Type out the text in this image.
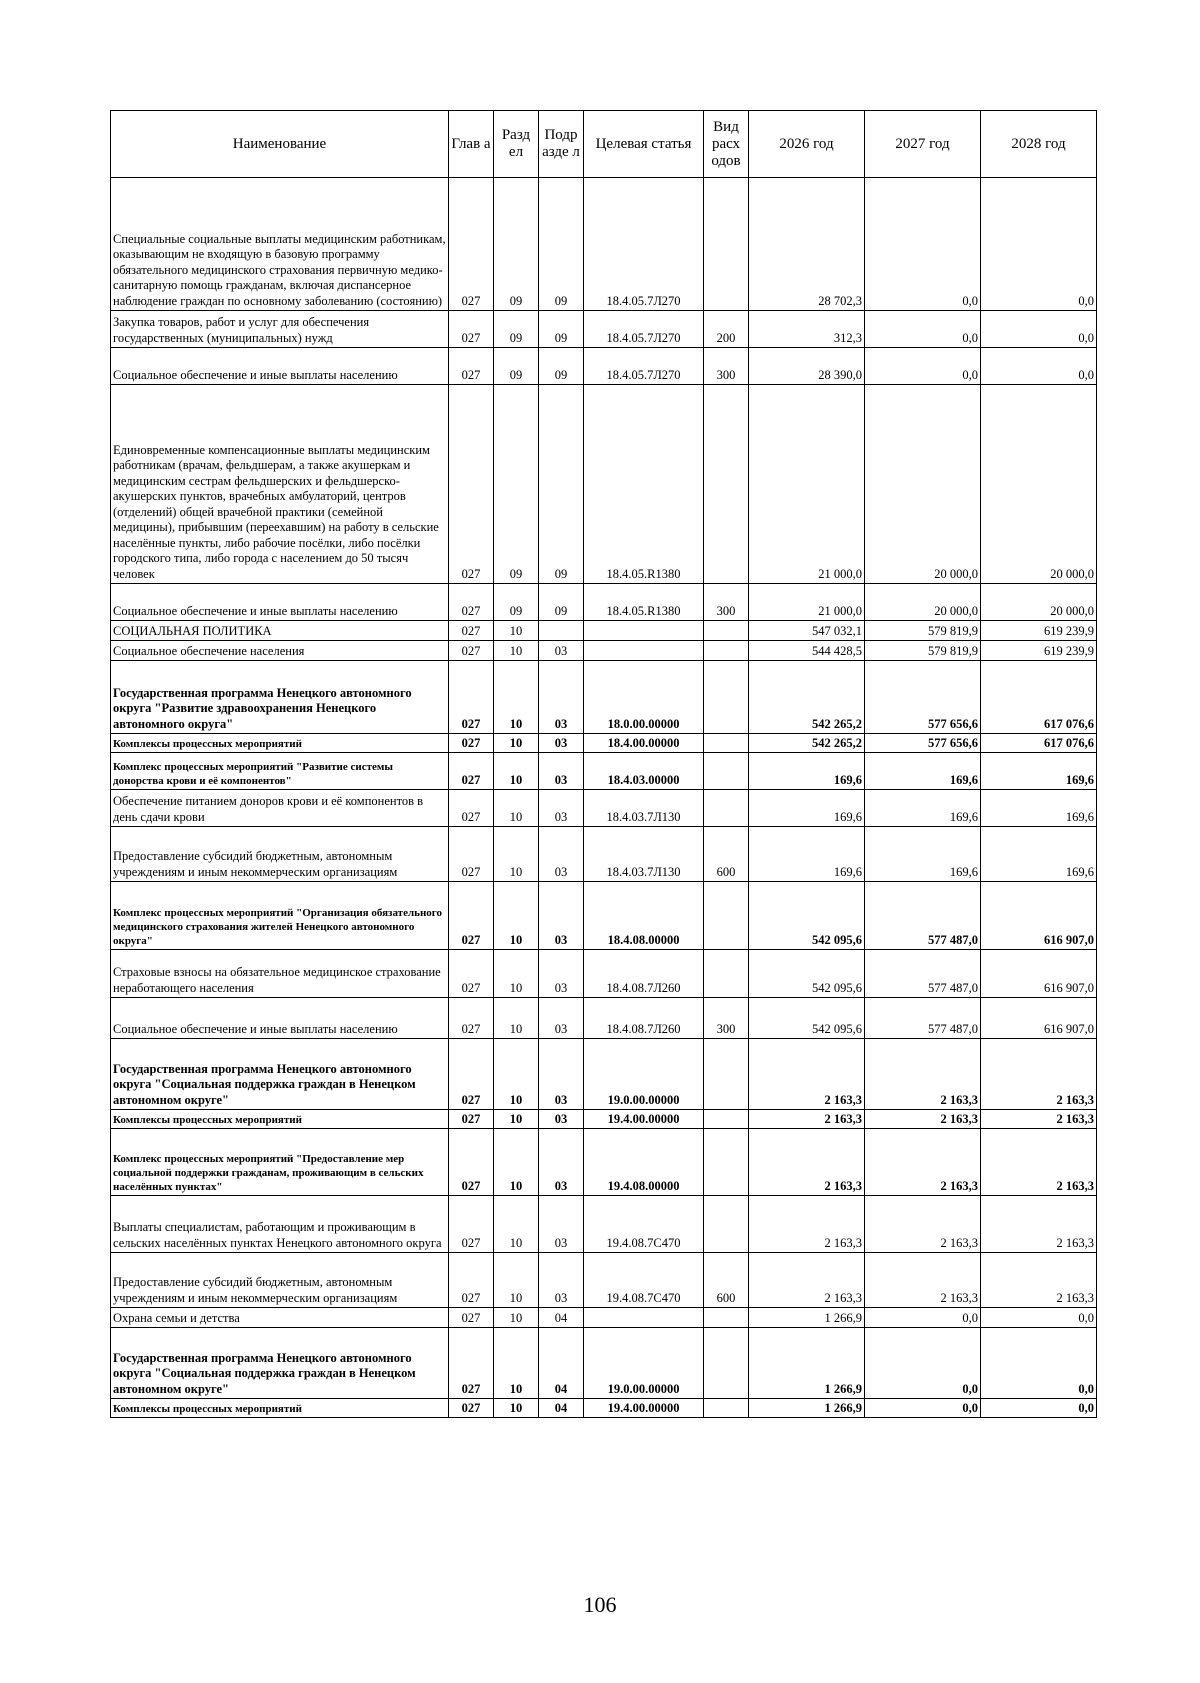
Наименование	Глав а	Разд ел	Подр азде л	Целевая статья	Вид расх одов	2026 год	2027 год	2028 год
Специальные социальные выплаты медицинским работникам, оказывающим не входящую в базовую программу обязательного медицинского страхования первичную медико-санитарную помощь гражданам, включая диспансерное наблюдение граждан по основному заболеванию (состоянию)	027	09	09	18.4.05.7Л270		28 702,3	0,0	0,0
Закупка товаров, работ и услуг для обеспечения государственных (муниципальных) нужд	027	09	09	18.4.05.7Л270	200	312,3	0,0	0,0
Социальное обеспечение и иные выплаты населению	027	09	09	18.4.05.7Л270	300	28 390,0	0,0	0,0
Единовременные компенсационные выплаты медицинским работникам (врачам, фельдшерам, а также акушеркам и медицинским сестрам фельдшерских и фельдшерско-акушерских пунктов, врачебных амбулаторий, центров (отделений) общей врачебной практики (семейной медицины), прибывшим (переехавшим) на работу в сельские населённые пункты, либо рабочие посёлки, либо посёлки городского типа, либо города с населением до 50 тысяч человек	027	09	09	18.4.05.R1380		21 000,0	20 000,0	20 000,0
Социальное обеспечение и иные выплаты населению	027	09	09	18.4.05.R1380	300	21 000,0	20 000,0	20 000,0
СОЦИАЛЬНАЯ ПОЛИТИКА	027	10				547 032,1	579 819,9	619 239,9
Социальное обеспечение населения	027	10	03			544 428,5	579 819,9	619 239,9
Государственная программа Ненецкого автономного округа "Развитие здравоохранения Ненецкого автономного округа"	027	10	03	18.0.00.00000		542 265,2	577 656,6	617 076,6
Комплексы процессных мероприятий	027	10	03	18.4.00.00000		542 265,2	577 656,6	617 076,6
Комплекс процессных мероприятий "Развитие системы донорства крови и её компонентов"	027	10	03	18.4.03.00000		169,6	169,6	169,6
Обеспечение питанием доноров крови и её компонентов в день сдачи крови	027	10	03	18.4.03.7Л130		169,6	169,6	169,6
Предоставление субсидий бюджетным, автономным учреждениям и иным некоммерческим организациям	027	10	03	18.4.03.7Л130	600	169,6	169,6	169,6
Комплекс процессных мероприятий "Организация обязательного медицинского страхования жителей Ненецкого автономного округа"	027	10	03	18.4.08.00000		542 095,6	577 487,0	616 907,0
Страховые взносы на обязательное медицинское страхование неработающего населения	027	10	03	18.4.08.7Л260		542 095,6	577 487,0	616 907,0
Социальное обеспечение и иные выплаты населению	027	10	03	18.4.08.7Л260	300	542 095,6	577 487,0	616 907,0
Государственная программа Ненецкого автономного округа "Социальная поддержка граждан в Ненецком автономном округе"	027	10	03	19.0.00.00000		2 163,3	2 163,3	2 163,3
Комплексы процессных мероприятий	027	10	03	19.4.00.00000		2 163,3	2 163,3	2 163,3
Комплекс процессных мероприятий "Предоставление мер социальной поддержки гражданам, проживающим в сельских населённых пунктах"	027	10	03	19.4.08.00000		2 163,3	2 163,3	2 163,3
Выплаты специалистам, работающим и проживающим в сельских населённых пунктах Ненецкого автономного округа	027	10	03	19.4.08.7С470		2 163,3	2 163,3	2 163,3
Предоставление субсидий бюджетным, автономным учреждениям и иным некоммерческим организациям	027	10	03	19.4.08.7С470	600	2 163,3	2 163,3	2 163,3
Охрана семьи и детства	027	10	04			1 266,9	0,0	0,0
Государственная программа Ненецкого автономного округа "Социальная поддержка граждан в Ненецком автономном округе"	027	10	04	19.0.00.00000		1 266,9	0,0	0,0
Комплексы процессных мероприятий	027	10	04	19.4.00.00000		1 266,9	0,0	0,0
106
